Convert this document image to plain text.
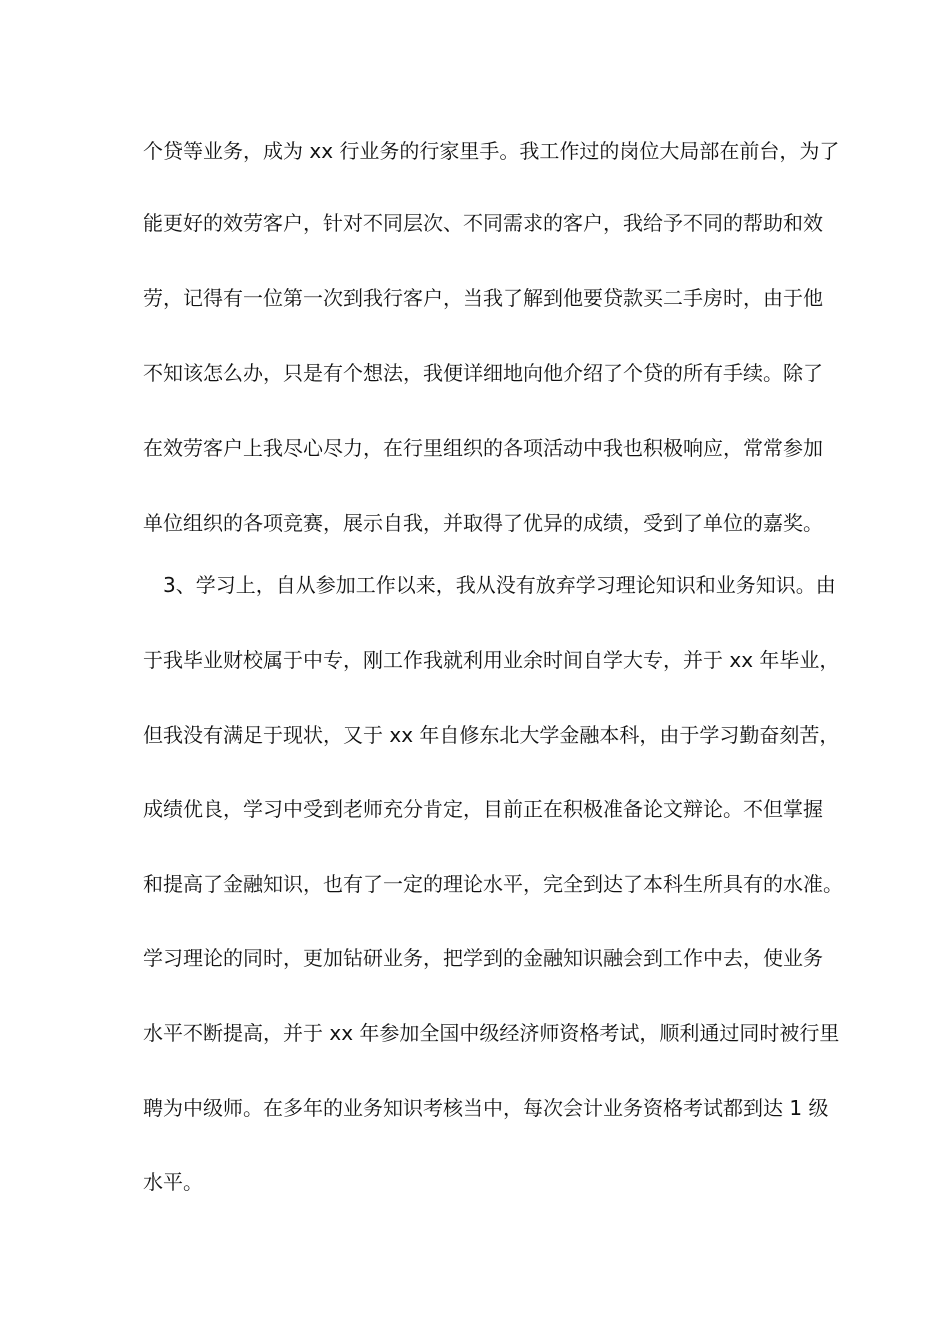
个贷等业务，成为 xx 行业务的行家里手。我工作过的岗位大局部在前台，为了
能更好的效劳客户，针对不同层次、不同需求的客户，我给予不同的帮助和效
劳，记得有一位第一次到我行客户，当我了解到他要贷款买二手房时，由于他
不知该怎么办，只是有个想法，我便详细地向他介绍了个贷的所有手续。除了
在效劳客户上我尽心尽力，在行里组织的各项活动中我也积极响应，常常参加
单位组织的各项竞赛，展示自我，并取得了优异的成绩，受到了单位的嘉奖。
3、学习上，自从参加工作以来，我从没有放弃学习理论知识和业务知识。由
于我毕业财校属于中专，刚工作我就利用业余时间自学大专，并于 xx 年毕业，
但我没有满足于现状，又于 xx 年自修东北大学金融本科，由于学习勤奋刻苦，
成绩优良，学习中受到老师充分肯定，目前正在积极准备论文辩论。不但掌握
和提高了金融知识，也有了一定的理论水平，完全到达了本科生所具有的水准。
学习理论的同时，更加钻研业务，把学到的金融知识融会到工作中去，使业务
水平不断提高，并于 xx 年参加全国中级经济师资格考试，顺利通过同时被行里
聘为中级师。在多年的业务知识考核当中，每次会计业务资格考试都到达 1 级
水平。
